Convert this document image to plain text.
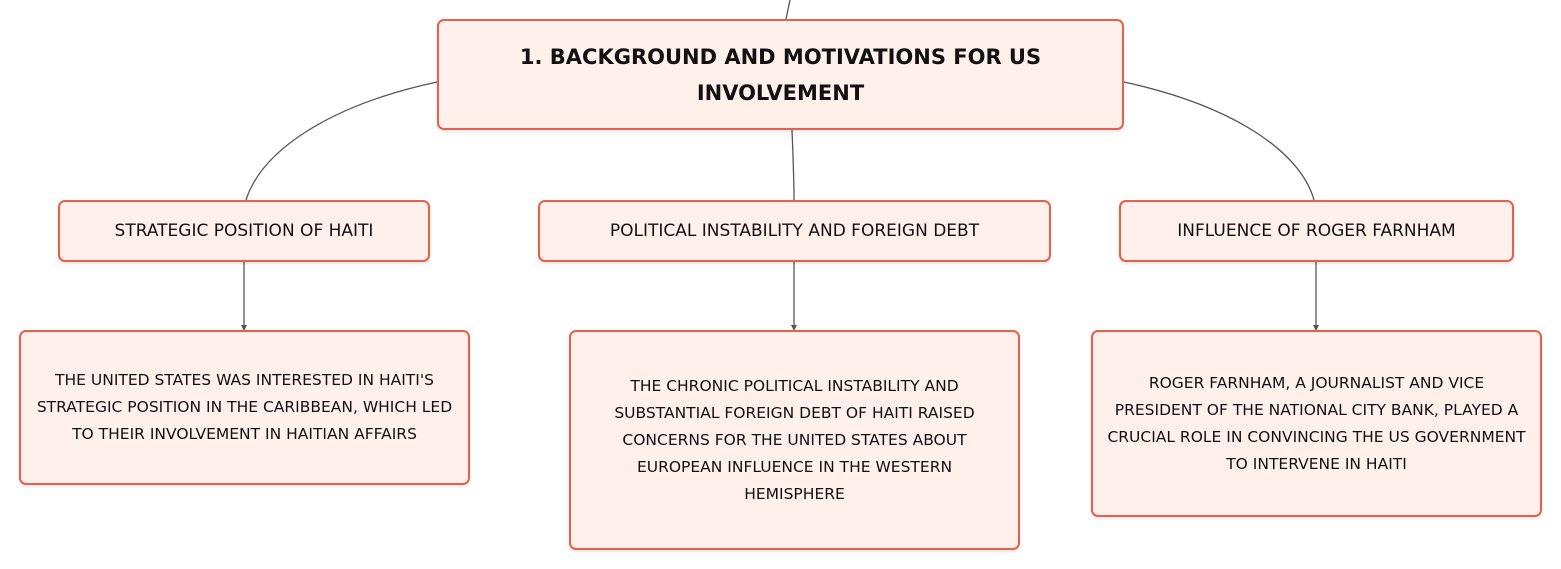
1. BACKGROUND AND MOTIVATIONS FOR US INVOLVEMENT
STRATEGIC POSITION OF HAITI	POLITICAL INSTABILITY AND FOREIGN DEBT	INFLUENCE OF ROGER FARNHAM
THE UNITED STATES WAS INTERESTED IN HAITI'S STRATEGIC POSITION IN THE CARIBBEAN, WHICH LED TO THEIR INVOLVEMENT IN HAITIAN AFFAIRS
THE CHRONIC POLITICAL INSTABILITY AND SUBSTANTIAL FOREIGN DEBT OF HAITI RAISED CONCERNS FOR THE UNITED STATES ABOUT EUROPEAN INFLUENCE IN THE WESTERN HEMISPHERE
ROGER FARNHAM, A JOURNALIST AND VICE PRESIDENT OF THE NATIONAL CITY BANK, PLAYED A CRUCIAL ROLE IN CONVINCING THE US GOVERNMENT TO INTERVENE IN HAITI
